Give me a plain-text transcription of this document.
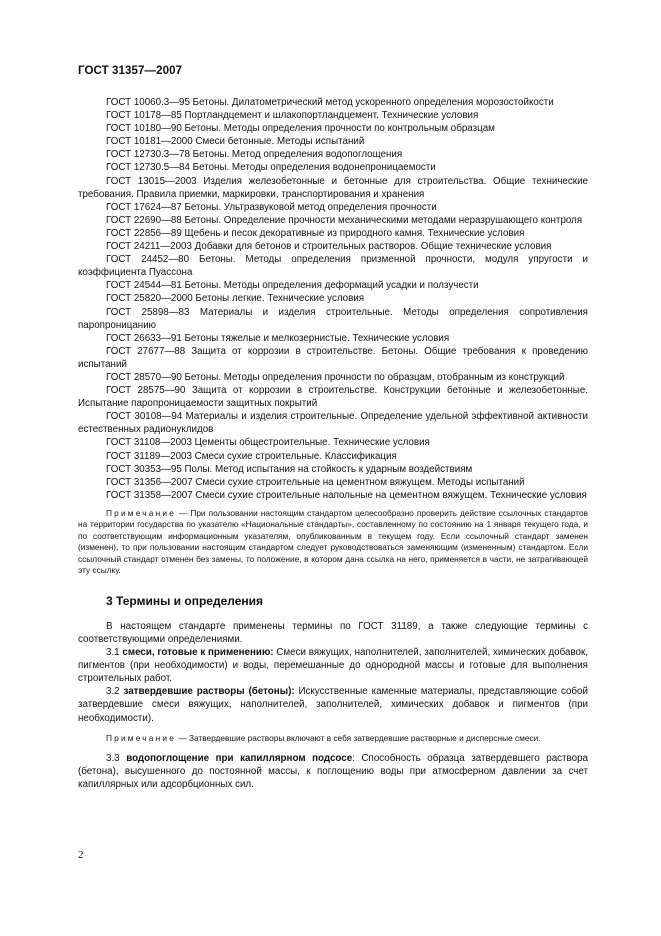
ГОСТ 31357—2007

ГОСТ 10060.3—95 Бетоны. Дилатометрический метод ускоренного определения морозостойкости

ГОСТ 10178—85 Портландцемент и шлакопортландцемент. Технические условия

ГОСТ 10180—90 Бетоны. Методы определения прочности по контрольным образцам

ГОСТ 10181—2000 Смеси бетонные. Методы испытаний

ГОСТ 12730.3—78 Бетоны. Метод определения водопоглощения

ГОСТ 12730.5—84 Бетоны. Методы определения водонепроницаемости

ГОСТ 13015—2003 Изделия железобетонные и бетонные для строительства. Общие технические требования. Правила приемки, маркировки, транспортирования и хранения

ГОСТ 17624—87 Бетоны. Ультразвуковой метод определения прочности

ГОСТ 22690—88 Бетоны. Определение прочности механическими методами неразрушающего контроля

ГОСТ 22856—89 Щебень и песок декоративные из природного камня. Технические условия

ГОСТ 24211—2003 Добавки для бетонов и строительных растворов. Общие технические условия

ГОСТ 24452—80 Бетоны. Методы определения призменной прочности, модуля упругости и коэффициента Пуассона

ГОСТ 24544—81 Бетоны. Методы определения деформаций усадки и ползучести

ГОСТ 25820—2000 Бетоны легкие. Технические условия

ГОСТ 25898—83 Материалы и изделия строительные. Методы определения сопротивления паропроницанию

ГОСТ 26633—91 Бетоны тяжелые и мелкозернистые. Технические условия

ГОСТ 27677—88 Защита от коррозии в строительстве. Бетоны. Общие требования к проведению испытаний

ГОСТ 28570—90 Бетоны. Методы определения прочности по образцам, отобранным из конструкций

ГОСТ 28575—90 Защита от коррозии в строительстве. Конструкции бетонные и железобетонные. Испытание паропроницаемости защитных покрытий

ГОСТ 30108—94 Материалы и изделия строительные. Определение удельной эффективной активности естественных радионуклидов

ГОСТ 31108—2003 Цементы общестроительные. Технические условия

ГОСТ 31189—2003 Смеси сухие строительные. Классификация

ГОСТ 30353—95 Полы. Метод испытания на стойкость к ударным воздействиям

ГОСТ 31356—2007 Смеси сухие строительные на цементном вяжущем. Методы испытаний

ГОСТ 31358—2007 Смеси сухие строительные напольные на цементном вяжущем. Технические условия

Примечание — При пользовании настоящим стандартом целесообразно проверить действие ссылочных стандартов на территории государства по указателю «Национальные стандарты», составленному по состоянию на 1 января текущего года, и по соответствующим информационным указателям, опубликованным в текущем году. Если ссылочный стандарт заменен (изменен), то при пользовании настоящим стандартом следует руководствоваться заменяющим (измененным) стандартом. Если ссылочный стандарт отменен без замены, то положение, в котором дана ссылка на него, применяется в части, не затрагивающей эту ссылку.

3 Термины и определения

В настоящем стандарте применены термины по ГОСТ 31189, а также следующие термины с соответствующими определениями.

3.1 смеси, готовые к применению: Смеси вяжущих, наполнителей, заполнителей, химических добавок, пигментов (при необходимости) и воды, перемешанные до однородной массы и готовые для выполнения строительных работ.

3.2 затвердевшие растворы (бетоны): Искусственные каменные материалы, представляющие собой затвердевшие смеси вяжущих, наполнителей, заполнителей, химических добавок и пигментов (при необходимости).

Примечание — Затвердевшие растворы включают в себя затвердевшие растворные и дисперсные смеси.

3.3 водопоглощение при капиллярном подсосе: Способность образца затвердевшего раствора (бетона), высушенного до постоянной массы, к поглощению воды при атмосферном давлении за счет капиллярных или адсорбционных сил.

2
